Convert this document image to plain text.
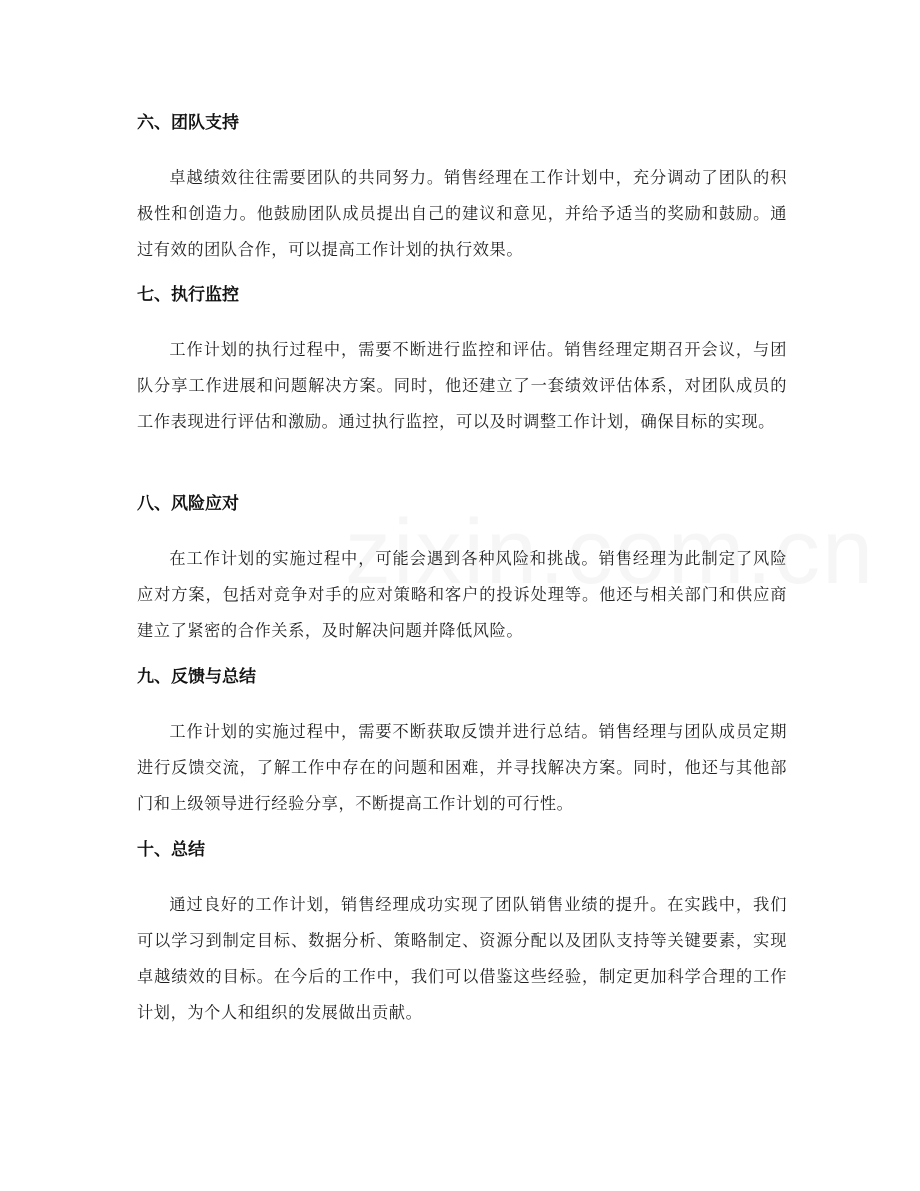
六、团队支持

卓越绩效往往需要团队的共同努力。销售经理在工作计划中，充分调动了团队的积极性和创造力。他鼓励团队成员提出自己的建议和意见，并给予适当的奖励和鼓励。通过有效的团队合作，可以提高工作计划的执行效果。

七、执行监控

工作计划的执行过程中，需要不断进行监控和评估。销售经理定期召开会议，与团队分享工作进展和问题解决方案。同时，他还建立了一套绩效评估体系，对团队成员的工作表现进行评估和激励。通过执行监控，可以及时调整工作计划，确保目标的实现。

八、风险应对

在工作计划的实施过程中，可能会遇到各种风险和挑战。销售经理为此制定了风险应对方案，包括对竞争对手的应对策略和客户的投诉处理等。他还与相关部门和供应商建立了紧密的合作关系，及时解决问题并降低风险。

九、反馈与总结

工作计划的实施过程中，需要不断获取反馈并进行总结。销售经理与团队成员定期进行反馈交流，了解工作中存在的问题和困难，并寻找解决方案。同时，他还与其他部门和上级领导进行经验分享，不断提高工作计划的可行性。

十、总结

通过良好的工作计划，销售经理成功实现了团队销售业绩的提升。在实践中，我们可以学习到制定目标、数据分析、策略制定、资源分配以及团队支持等关键要素，实现卓越绩效的目标。在今后的工作中，我们可以借鉴这些经验，制定更加科学合理的工作计划，为个人和组织的发展做出贡献。
